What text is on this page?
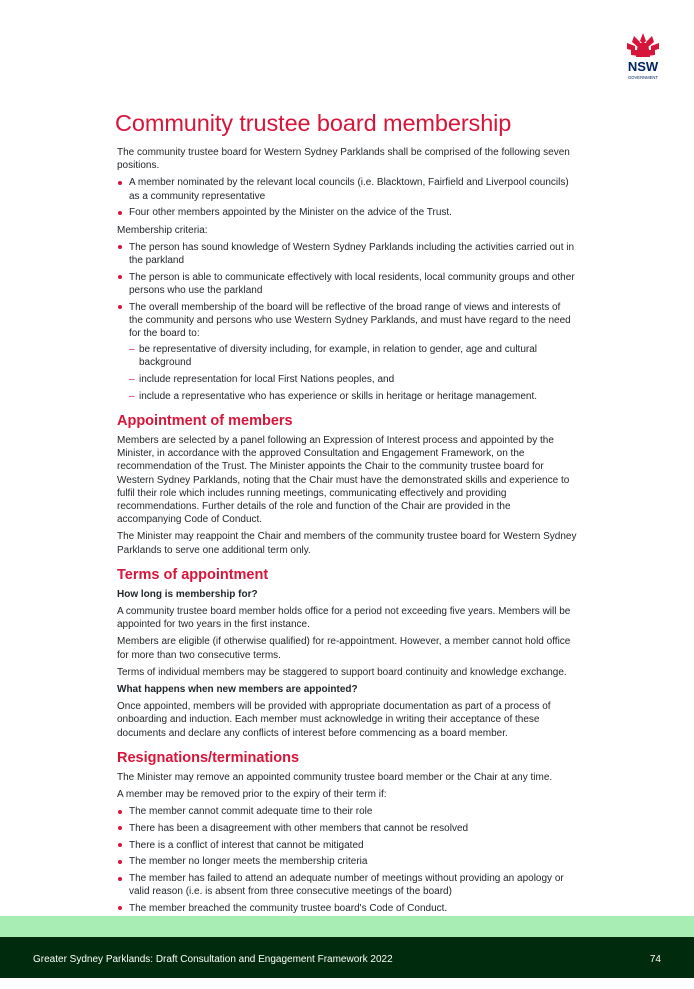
NSW
GOVERNMENT
Community trustee board membership

The community trustee board for Western Sydney Parklands shall be comprised of the following seven positions.

A member nominated by the relevant local councils (i.e. Blacktown, Fairfield and Liverpool councils) as a community representative
Four other members appointed by the Minister on the advice of the Trust.

Membership criteria:

The person has sound knowledge of Western Sydney Parklands including the activities carried out in the parkland
The person is able to communicate effectively with local residents, local community groups and other persons who use the parkland
The overall membership of the board will be reflective of the broad range of views and interests of the community and persons who use Western Sydney Parklands, and must have regard to the need for the board to:
– be representative of diversity including, for example, in relation to gender, age and cultural background
– include representation for local First Nations peoples, and
– include a representative who has experience or skills in heritage or heritage management.
Appointment of members

Members are selected by a panel following an Expression of Interest process and appointed by the Minister, in accordance with the approved Consultation and Engagement Framework, on the recommendation of the Trust. The Minister appoints the Chair to the community trustee board for Western Sydney Parklands, noting that the Chair must have the demonstrated skills and experience to fulfil their role which includes running meetings, communicating effectively and providing recommendations. Further details of the role and function of the Chair are provided in the accompanying Code of Conduct.

The Minister may reappoint the Chair and members of the community trustee board for Western Sydney Parklands to serve one additional term only.

Terms of appointment

How long is membership for?

A community trustee board member holds office for a period not exceeding five years. Members will be appointed for two years in the first instance.

Members are eligible (if otherwise qualified) for re-appointment. However, a member cannot hold office for more than two consecutive terms.

Terms of individual members may be staggered to support board continuity and knowledge exchange.

What happens when new members are appointed?

Once appointed, members will be provided with appropriate documentation as part of a process of onboarding and induction. Each member must acknowledge in writing their acceptance of these documents and declare any conflicts of interest before commencing as a board member.

Resignations/terminations

The Minister may remove an appointed community trustee board member or the Chair at any time.

A member may be removed prior to the expiry of their term if:

The member cannot commit adequate time to their role
There has been a disagreement with other members that cannot be resolved
There is a conflict of interest that cannot be mitigated
The member no longer meets the membership criteria
The member has failed to attend an adequate number of meetings without providing an apology or valid reason (i.e. is absent from three consecutive meetings of the board)
The member breached the community trustee board's Code of Conduct.
Greater Sydney Parklands: Draft Consultation and Engagement Framework 2022	74
